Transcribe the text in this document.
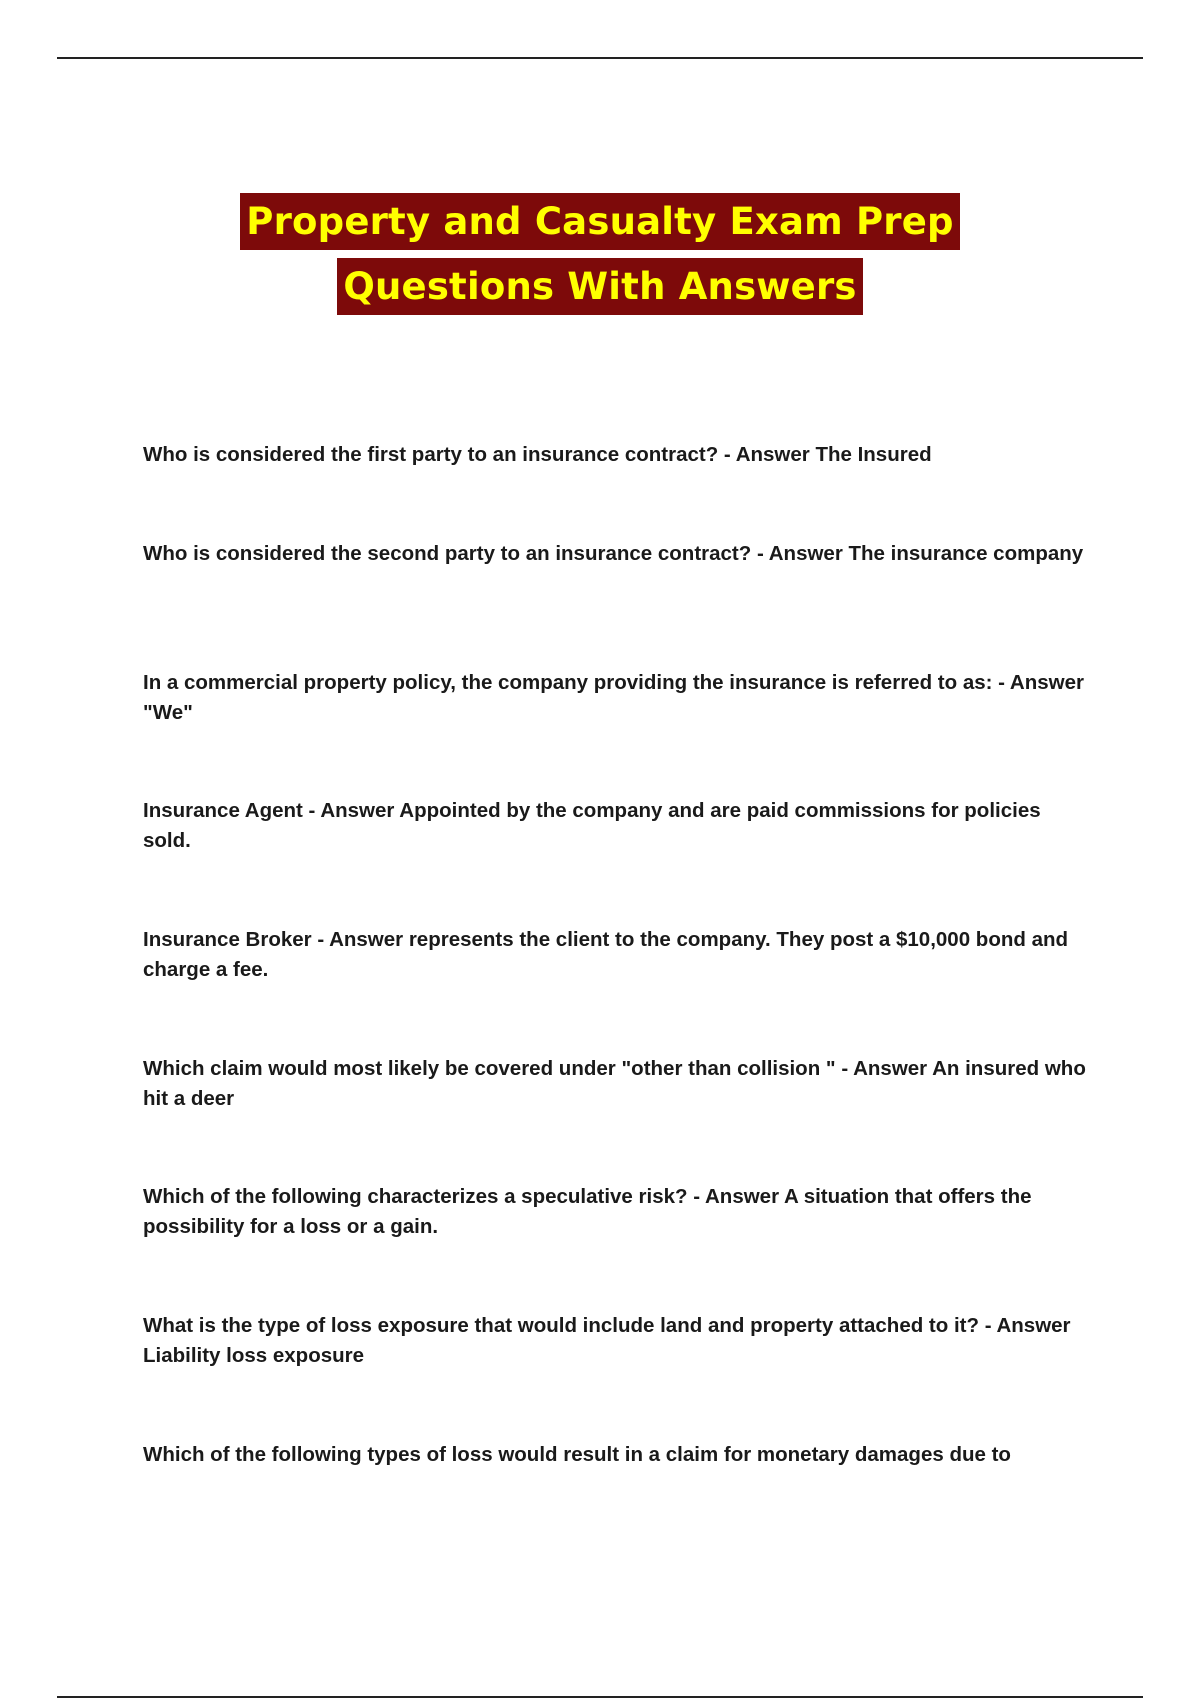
Property and Casualty Exam Prep
Questions With Answers

Who is considered the first party to an insurance contract? - Answer The Insured

Who is considered the second party to an insurance contract? - Answer The insurance company

In a commercial property policy, the company providing the insurance is referred to as: - Answer "We"

Insurance Agent - Answer Appointed by the company and are paid commissions for policies sold.

Insurance Broker - Answer represents the client to the company. They post a $10,000 bond and charge a fee.

Which claim would most likely be covered under "other than collision " - Answer An insured who hit a deer

Which of the following characterizes a speculative risk? - Answer A situation that offers the possibility for a loss or a gain.

What is the type of loss exposure that would include land and property attached to it? - Answer Liability loss exposure

Which of the following types of loss would result in a claim for monetary damages due to
